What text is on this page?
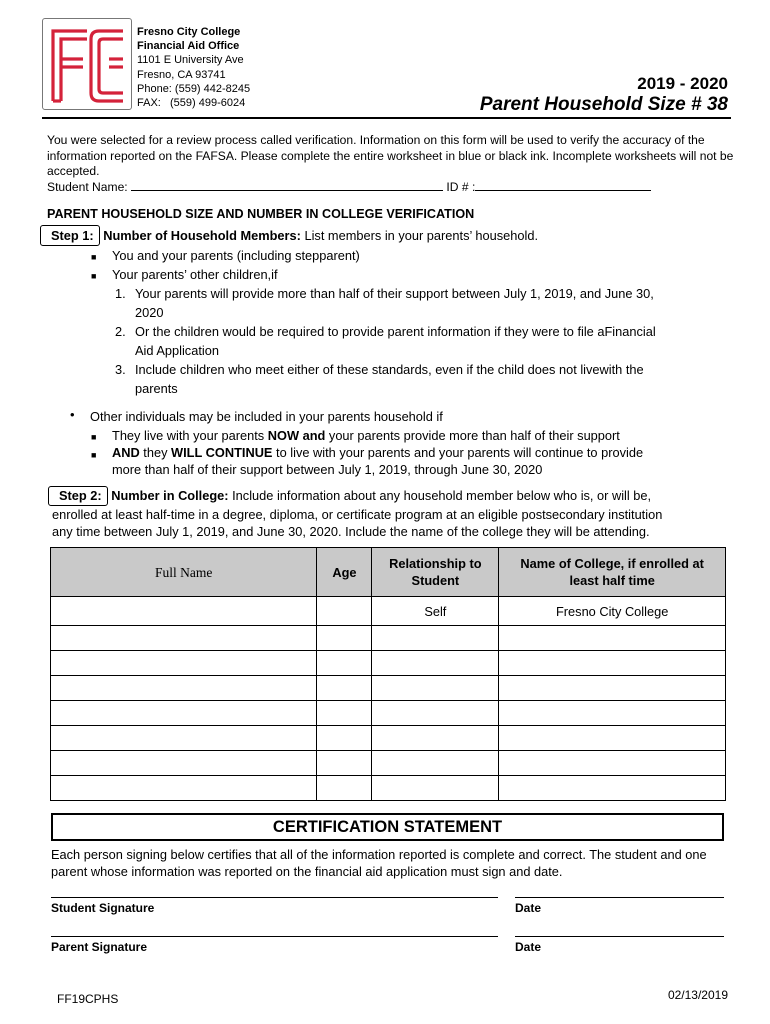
Fresno City College
Financial Aid Office
1101 E University Ave
Fresno, CA 93741
Phone: (559) 442-8245
FAX:   (559) 499-6024
2019 - 2020
Parent Household Size # 38
You were selected for a review process called verification. Information on this form will be used to verify the accuracy of the information reported on the FAFSA. Please complete the entire worksheet in blue or black ink. Incomplete worksheets will not be accepted.
Student Name:	ID # :
PARENT HOUSEHOLD SIZE AND NUMBER IN COLLEGE VERIFICATION
Step 1: Number of Household Members: List members in your parents’ household.
■ You and your parents (including stepparent)
■ Your parents’ other children,if
1. Your parents will provide more than half of their support between July 1, 2019, and June 30,
2020
2. Or the children would be required to provide parent information if they were to file aFinancial
Aid Application
3. Include children who meet either of these standards, even if the child does not livewith the
parents
• Other individuals may be included in your parents household if
■ They live with your parents NOW and your parents provide more than half of their support
■ AND they WILL CONTINUE to live with your parents and your parents will continue to provide
more than half of their support between July 1, 2019, through June 30, 2020
Step 2: Number in College: Include information about any household member below who is, or will be,
enrolled at least half-time in a degree, diploma, or certificate program at an eligible postsecondary institution
any time between July 1, 2019, and June 30, 2020. Include the name of the college they will be attending.
Full Name	Age	Relationship to Student	Name of College, if enrolled at least half time
		Self	Fresno City College

CERTIFICATION STATEMENT
Each person signing below certifies that all of the information reported is complete and correct. The student and one parent whose information was reported on the financial aid application must sign and date.
Student Signature	Date
Parent Signature	Date
FF19CPHS	02/13/2019
